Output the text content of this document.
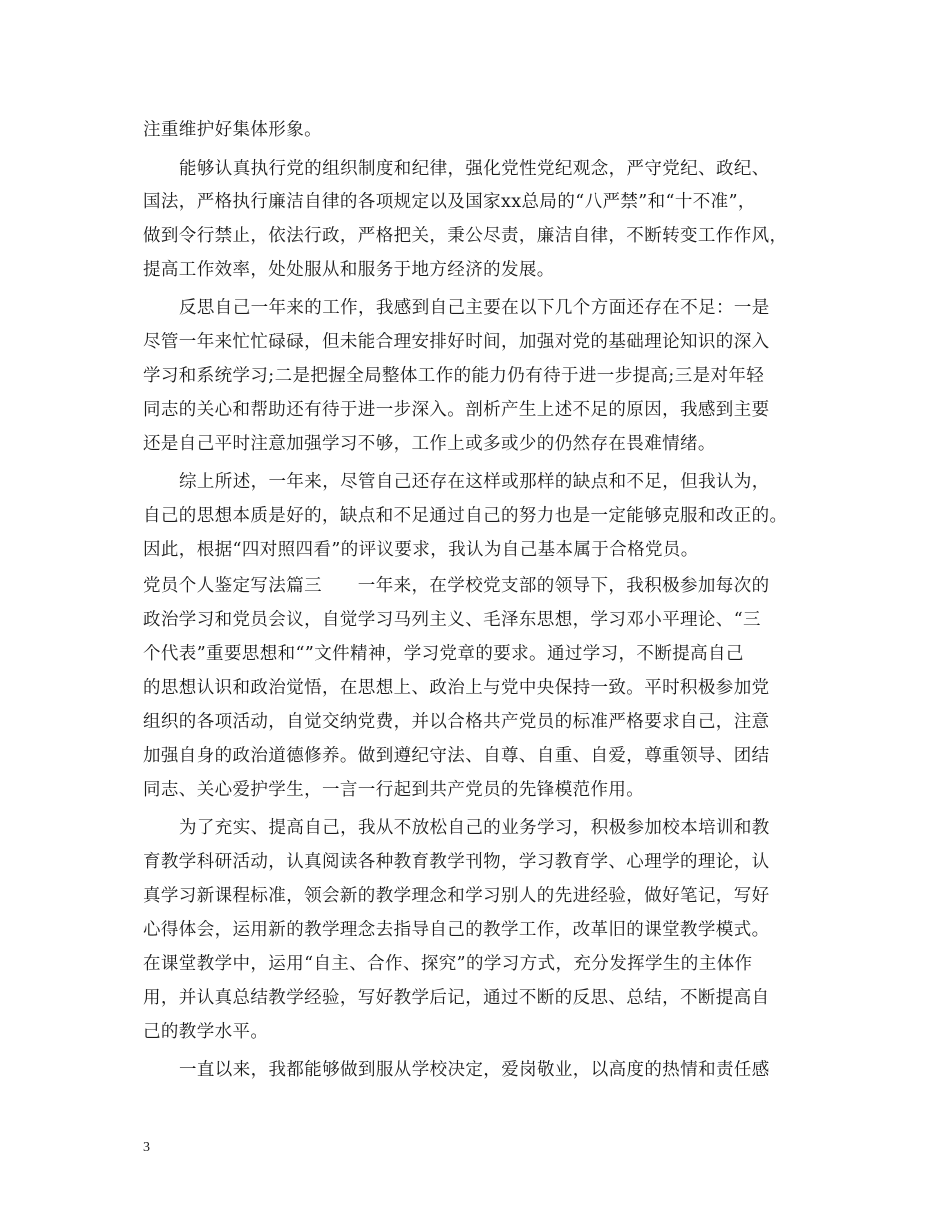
注重维护好集体形象。
能够认真执行党的组织制度和纪律，强化党性党纪观念，严守党纪、政纪、
国法，严格执行廉洁自律的各项规定以及国家xx总局的“八严禁”和“十不准”，
做到令行禁止，依法行政，严格把关，秉公尽责，廉洁自律，不断转变工作作风，
提高工作效率，处处服从和服务于地方经济的发展。
反思自己一年来的工作，我感到自己主要在以下几个方面还存在不足：一是
尽管一年来忙忙碌碌，但未能合理安排好时间，加强对党的基础理论知识的深入
学习和系统学习;二是把握全局整体工作的能力仍有待于进一步提高;三是对年轻
同志的关心和帮助还有待于进一步深入。剖析产生上述不足的原因，我感到主要
还是自己平时注意加强学习不够，工作上或多或少的仍然存在畏难情绪。
综上所述，一年来，尽管自己还存在这样或那样的缺点和不足，但我认为，
自己的思想本质是好的，缺点和不足通过自己的努力也是一定能够克服和改正的。
因此，根据“四对照四看”的评议要求，我认为自己基本属于合格党员。
党员个人鉴定写法篇三　　一年来，在学校党支部的领导下，我积极参加每次的
政治学习和党员会议，自觉学习马列主义、毛泽东思想，学习邓小平理论、“三
个代表”重要思想和“”文件精神，学习党章的要求。通过学习，不断提高自己
的思想认识和政治觉悟，在思想上、政治上与党中央保持一致。平时积极参加党
组织的各项活动，自觉交纳党费，并以合格共产党员的标准严格要求自己，注意
加强自身的政治道德修养。做到遵纪守法、自尊、自重、自爱，尊重领导、团结
同志、关心爱护学生，一言一行起到共产党员的先锋模范作用。
为了充实、提高自己，我从不放松自己的业务学习，积极参加校本培训和教
育教学科研活动，认真阅读各种教育教学刊物，学习教育学、心理学的理论，认
真学习新课程标准，领会新的教学理念和学习别人的先进经验，做好笔记，写好
心得体会，运用新的教学理念去指导自己的教学工作，改革旧的课堂教学模式。
在课堂教学中，运用“自主、合作、探究”的学习方式，充分发挥学生的主体作
用，并认真总结教学经验，写好教学后记，通过不断的反思、总结，不断提高自
己的教学水平。
一直以来，我都能够做到服从学校决定，爱岗敬业，以高度的热情和责任感
3
